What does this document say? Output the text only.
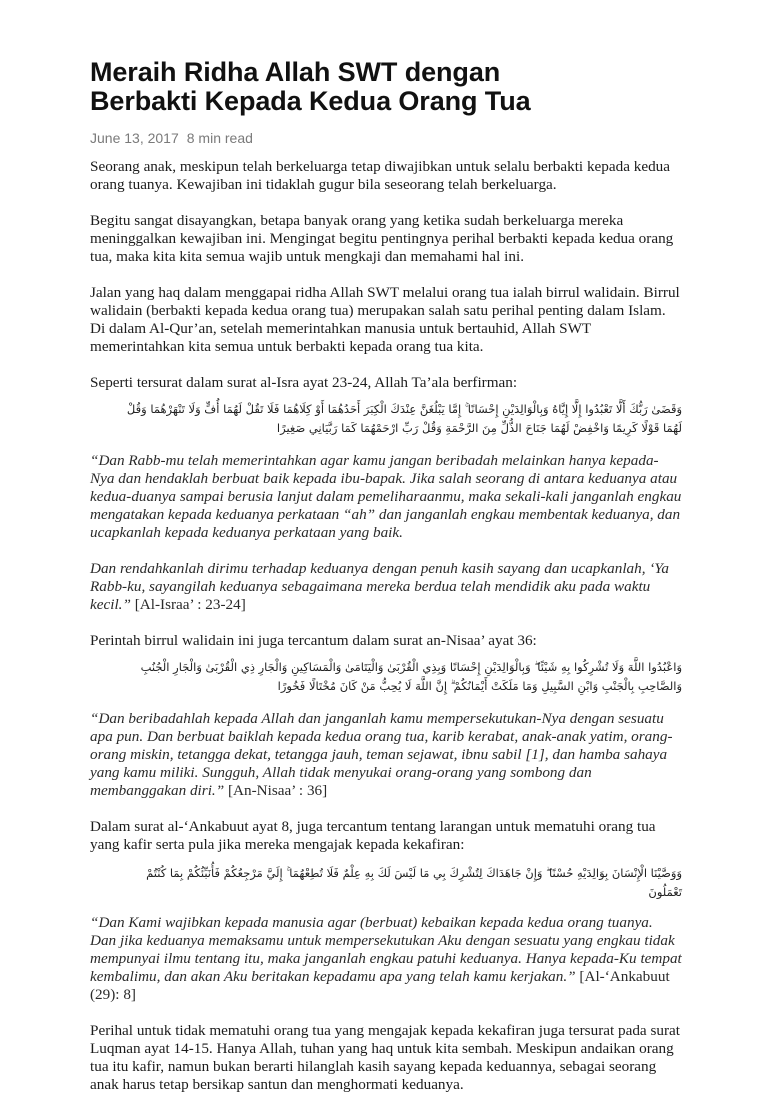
Meraih Ridha Allah SWT dengan
Berbakti Kepada Kedua Orang Tua
June 13, 2017 8 min read

Seorang anak, meskipun telah berkeluarga tetap diwajibkan untuk selalu berbakti kepada kedua orang tuanya. Kewajiban ini tidaklah gugur bila seseorang telah berkeluarga.

Begitu sangat disayangkan, betapa banyak orang yang ketika sudah berkeluarga mereka meninggalkan kewajiban ini. Mengingat begitu pentingnya perihal berbakti kepada kedua orang tua, maka kita kita semua wajib untuk mengkaji dan memahami hal ini.

Jalan yang haq dalam menggapai ridha Allah SWT melalui orang tua ialah birrul walidain. Birrul walidain (berbakti kepada kedua orang tua) merupakan salah satu perihal penting dalam Islam. Di dalam Al-Qur’an, setelah memerintahkan manusia untuk bertauhid, Allah SWT memerintahkan kita semua untuk berbakti kepada orang tua kita.

Seperti tersurat dalam surat al-Isra ayat 23-24, Allah Ta’ala berfirman:

وَقَضَىٰ رَبُّكَ أَلَّا تَعْبُدُوا إِلَّا إِيَّاهُ وَبِالْوَالِدَيْنِ إِحْسَانًا ۚ إِمَّا يَبْلُغَنَّ عِنْدَكَ الْكِبَرَ أَحَدُهُمَا أَوْ كِلَاهُمَا فَلَا تَقُلْ لَهُمَا أُفٍّ وَلَا تَنْهَرْهُمَا وَقُلْ لَهُمَا قَوْلًا كَرِيمًا وَاخْفِضْ لَهُمَا جَنَاحَ الذُّلِّ مِنَ الرَّحْمَةِ وَقُلْ رَبِّ ارْحَمْهُمَا كَمَا رَبَّيَانِي صَغِيرًا

“Dan Rabb-mu telah memerintahkan agar kamu jangan beribadah melainkan hanya kepada-Nya dan hendaklah berbuat baik kepada ibu-bapak. Jika salah seorang di antara keduanya atau kedua-duanya sampai berusia lanjut dalam pemeliharaanmu, maka sekali-kali janganlah engkau mengatakan kepada keduanya perkataan “ah” dan janganlah engkau membentak keduanya, dan ucapkanlah kepada keduanya perkataan yang baik.

Dan rendahkanlah dirimu terhadap keduanya dengan penuh kasih sayang dan ucapkanlah, ‘Ya Rabb-ku, sayangilah keduanya sebagaimana mereka berdua telah mendidik aku pada waktu kecil.” [Al-Israa’ : 23-24]

Perintah birrul walidain ini juga tercantum dalam surat an-Nisaa’ ayat 36:

وَاعْبُدُوا اللَّهَ وَلَا تُشْرِكُوا بِهِ شَيْئًا ۖ وَبِالْوَالِدَيْنِ إِحْسَانًا وَبِذِي الْقُرْبَىٰ وَالْيَتَامَىٰ وَالْمَسَاكِينِ وَالْجَارِ ذِي الْقُرْبَىٰ وَالْجَارِ الْجُنُبِ وَالصَّاحِبِ بِالْجَنْبِ وَابْنِ السَّبِيلِ وَمَا مَلَكَتْ أَيْمَانُكُمْ ۗ إِنَّ اللَّهَ لَا يُحِبُّ مَنْ كَانَ مُخْتَالًا فَخُورًا

“Dan beribadahlah kepada Allah dan janganlah kamu mempersekutukan-Nya dengan sesuatu apa pun. Dan berbuat baiklah kepada kedua orang tua, karib kerabat, anak-anak yatim, orang-orang miskin, tetangga dekat, tetangga jauh, teman sejawat, ibnu sabil [1], dan hamba sahaya yang kamu miliki. Sungguh, Allah tidak menyukai orang-orang yang sombong dan membanggakan diri.” [An-Nisaa’ : 36]

Dalam surat al-‘Ankabuut ayat 8, juga tercantum tentang larangan untuk mematuhi orang tua yang kafir serta pula jika mereka mengajak kepada kekafiran:

وَوَصَّيْنَا الْإِنْسَانَ بِوَالِدَيْهِ حُسْنًا ۖ وَإِنْ جَاهَدَاكَ لِتُشْرِكَ بِي مَا لَيْسَ لَكَ بِهِ عِلْمٌ فَلَا تُطِعْهُمَا ۚ إِلَيَّ مَرْجِعُكُمْ فَأُنَبِّئُكُمْ بِمَا كُنْتُمْ تَعْمَلُونَ

“Dan Kami wajibkan kepada manusia agar (berbuat) kebaikan kepada kedua orang tuanya. Dan jika keduanya memaksamu untuk mempersekutukan Aku dengan sesuatu yang engkau tidak mempunyai ilmu tentang itu, maka janganlah engkau patuhi keduanya. Hanya kepada-Ku tempat kembalimu, dan akan Aku beritakan kepadamu apa yang telah kamu kerjakan.” [Al-‘Ankabuut (29): 8]

Perihal untuk tidak mematuhi orang tua yang mengajak kepada kekafiran juga tersurat pada surat Luqman ayat 14-15. Hanya Allah, tuhan yang haq untuk kita sembah. Meskipun andaikan orang tua itu kafir, namun bukan berarti hilanglah kasih sayang kepada keduannya, sebagai seorang anak harus tetap bersikap santun dan menghormati keduanya.
